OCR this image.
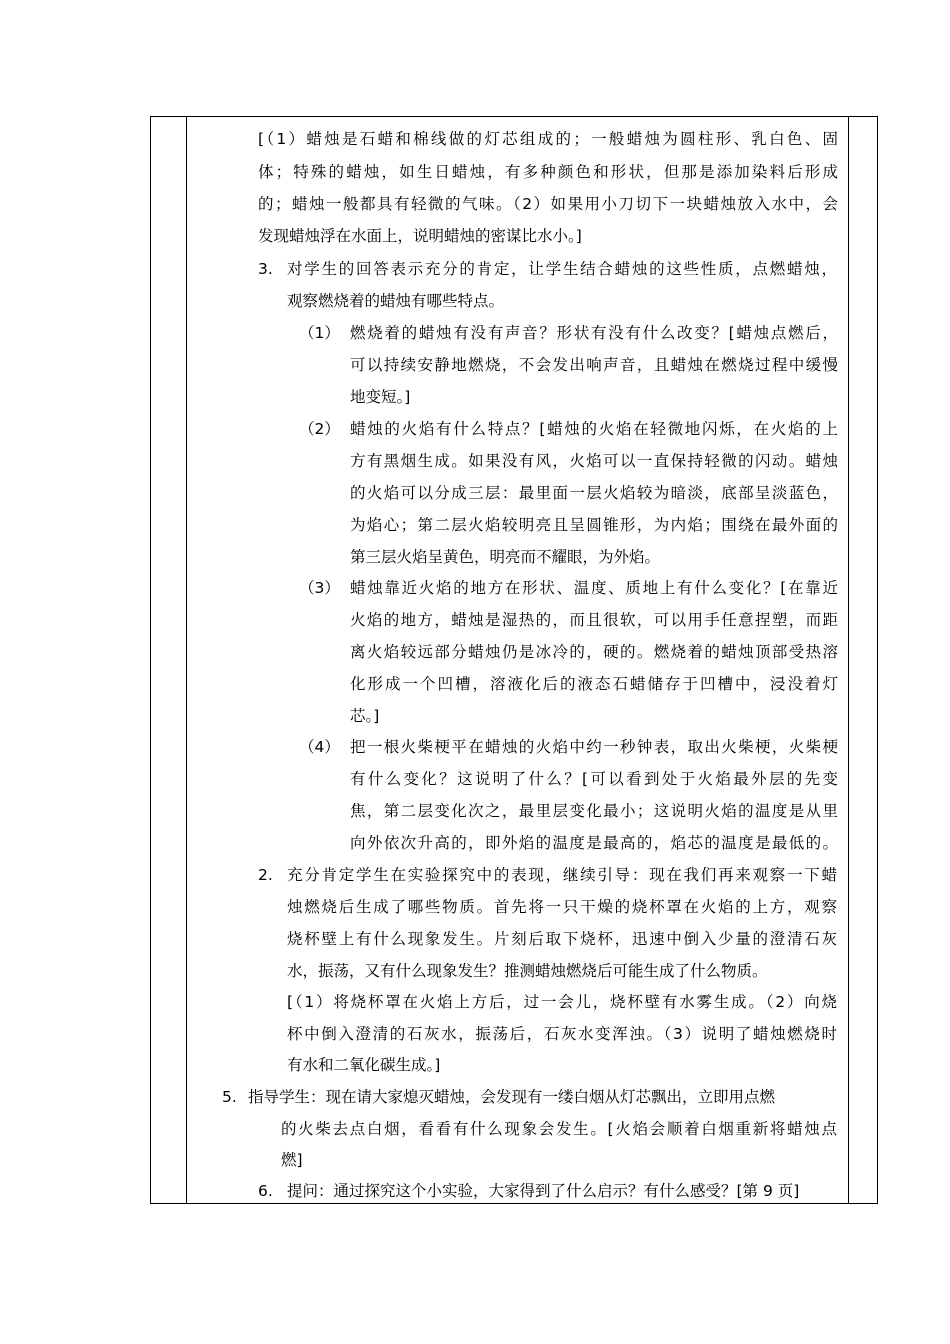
[（1）蜡烛是石蜡和棉线做的灯芯组成的；一般蜡烛为圆柱形、乳白色、固
体；特殊的蜡烛，如生日蜡烛，有多种颜色和形状，但那是添加染料后形成
的；蜡烛一般都具有轻微的气味。（2）如果用小刀切下一块蜡烛放入水中，会
发现蜡烛浮在水面上，说明蜡烛的密谋比水小。]
3. 对学生的回答表示充分的肯定，让学生结合蜡烛的这些性质，点燃蜡烛，
观察燃烧着的蜡烛有哪些特点。
（1） 燃烧着的蜡烛有没有声音？形状有没有什么改变？[蜡烛点燃后，
可以持续安静地燃烧，不会发出响声音，且蜡烛在燃烧过程中缓慢
地变短。]
（2） 蜡烛的火焰有什么特点？[蜡烛的火焰在轻微地闪烁，在火焰的上
方有黑烟生成。如果没有风，火焰可以一直保持轻微的闪动。蜡烛
的火焰可以分成三层：最里面一层火焰较为暗淡，底部呈淡蓝色，
为焰心；第二层火焰较明亮且呈圆锥形，为内焰；围绕在最外面的
第三层火焰呈黄色，明亮而不耀眼，为外焰。
（3） 蜡烛靠近火焰的地方在形状、温度、质地上有什么变化？[在靠近
火焰的地方，蜡烛是湿热的，而且很软，可以用手任意捏塑，而距
离火焰较远部分蜡烛仍是冰冷的，硬的。燃烧着的蜡烛顶部受热溶
化形成一个凹槽，溶液化后的液态石蜡储存于凹槽中，浸没着灯
芯。]
（4） 把一根火柴梗平在蜡烛的火焰中约一秒钟表，取出火柴梗，火柴梗
有什么变化？这说明了什么？[可以看到处于火焰最外层的先变
焦，第二层变化次之，最里层变化最小；这说明火焰的温度是从里
向外依次升高的，即外焰的温度是最高的，焰芯的温度是最低的。
2. 充分肯定学生在实验探究中的表现，继续引导：现在我们再来观察一下蜡
烛燃烧后生成了哪些物质。首先将一只干燥的烧杯罩在火焰的上方，观察
烧杯壁上有什么现象发生。片刻后取下烧杯，迅速中倒入少量的澄清石灰
水，振荡，又有什么现象发生？推测蜡烛燃烧后可能生成了什么物质。
[（1）将烧杯罩在火焰上方后，过一会儿，烧杯壁有水雾生成。（2）向烧
杯中倒入澄清的石灰水，振荡后，石灰水变浑浊。（3）说明了蜡烛燃烧时
有水和二氧化碳生成。]
5. 指导学生：现在请大家熄灭蜡烛，会发现有一缕白烟从灯芯飘出，立即用点燃
的火柴去点白烟，看看有什么现象会发生。[火焰会顺着白烟重新将蜡烛点
燃]
6. 提问：通过探究这个小实验，大家得到了什么启示？有什么感受？[第 9 页]
